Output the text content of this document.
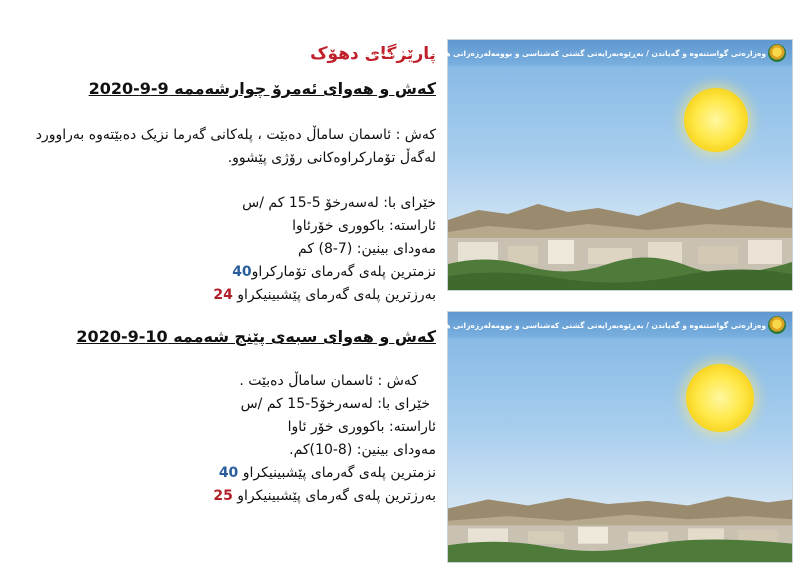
پارێزگای دهۆک
کەش و هەوای ئەمرۆ چوارشەممە 9-9-2020
کەش : ئاسمان ساماڵ دەبێت ، پلەکانی گەرما نزیک دەبێتەوە بەراوورد
لەگەڵ تۆمارکراوەکانی رۆژی پێشوو.
خێرای با: لەسەرخۆ 5-15 کم /س
ئاراستە: باکووری خۆرئاوا
مەودای بینین: (7-8) کم
نزمترین پلەی گەرمای تۆمارکراو40
بەرزترین پلەی گەرمای پێشبینیکراو 24
کەش و هەوای سبەی پێنج شەممە 10-9-2020
کەش : ئاسمان ساماڵ دەبێت .
خێرای با: لەسەرخۆ5-15 کم /س
ئاراستە: باکووری خۆر ئاوا
مەودای بینین: (8-10)کم.
نزمترین پلەی گەرمای پێشبینیکراو 40
بەرزترین پلەی گەرمای پێشبینیکراو 25
وەزارەتی گواستنەوە و گەیاندن / بەڕێوەبەرایەتی گشتی کەشناسی و بوومەلەرزەزانی هەرێم - بەشی پێشبینی
وەزارەتی گواستنەوە و گەیاندن / بەڕێوەبەرایەتی گشتی کەشناسی و بوومەلەرزەزانی هەرێم - بەشی پێشبینی
